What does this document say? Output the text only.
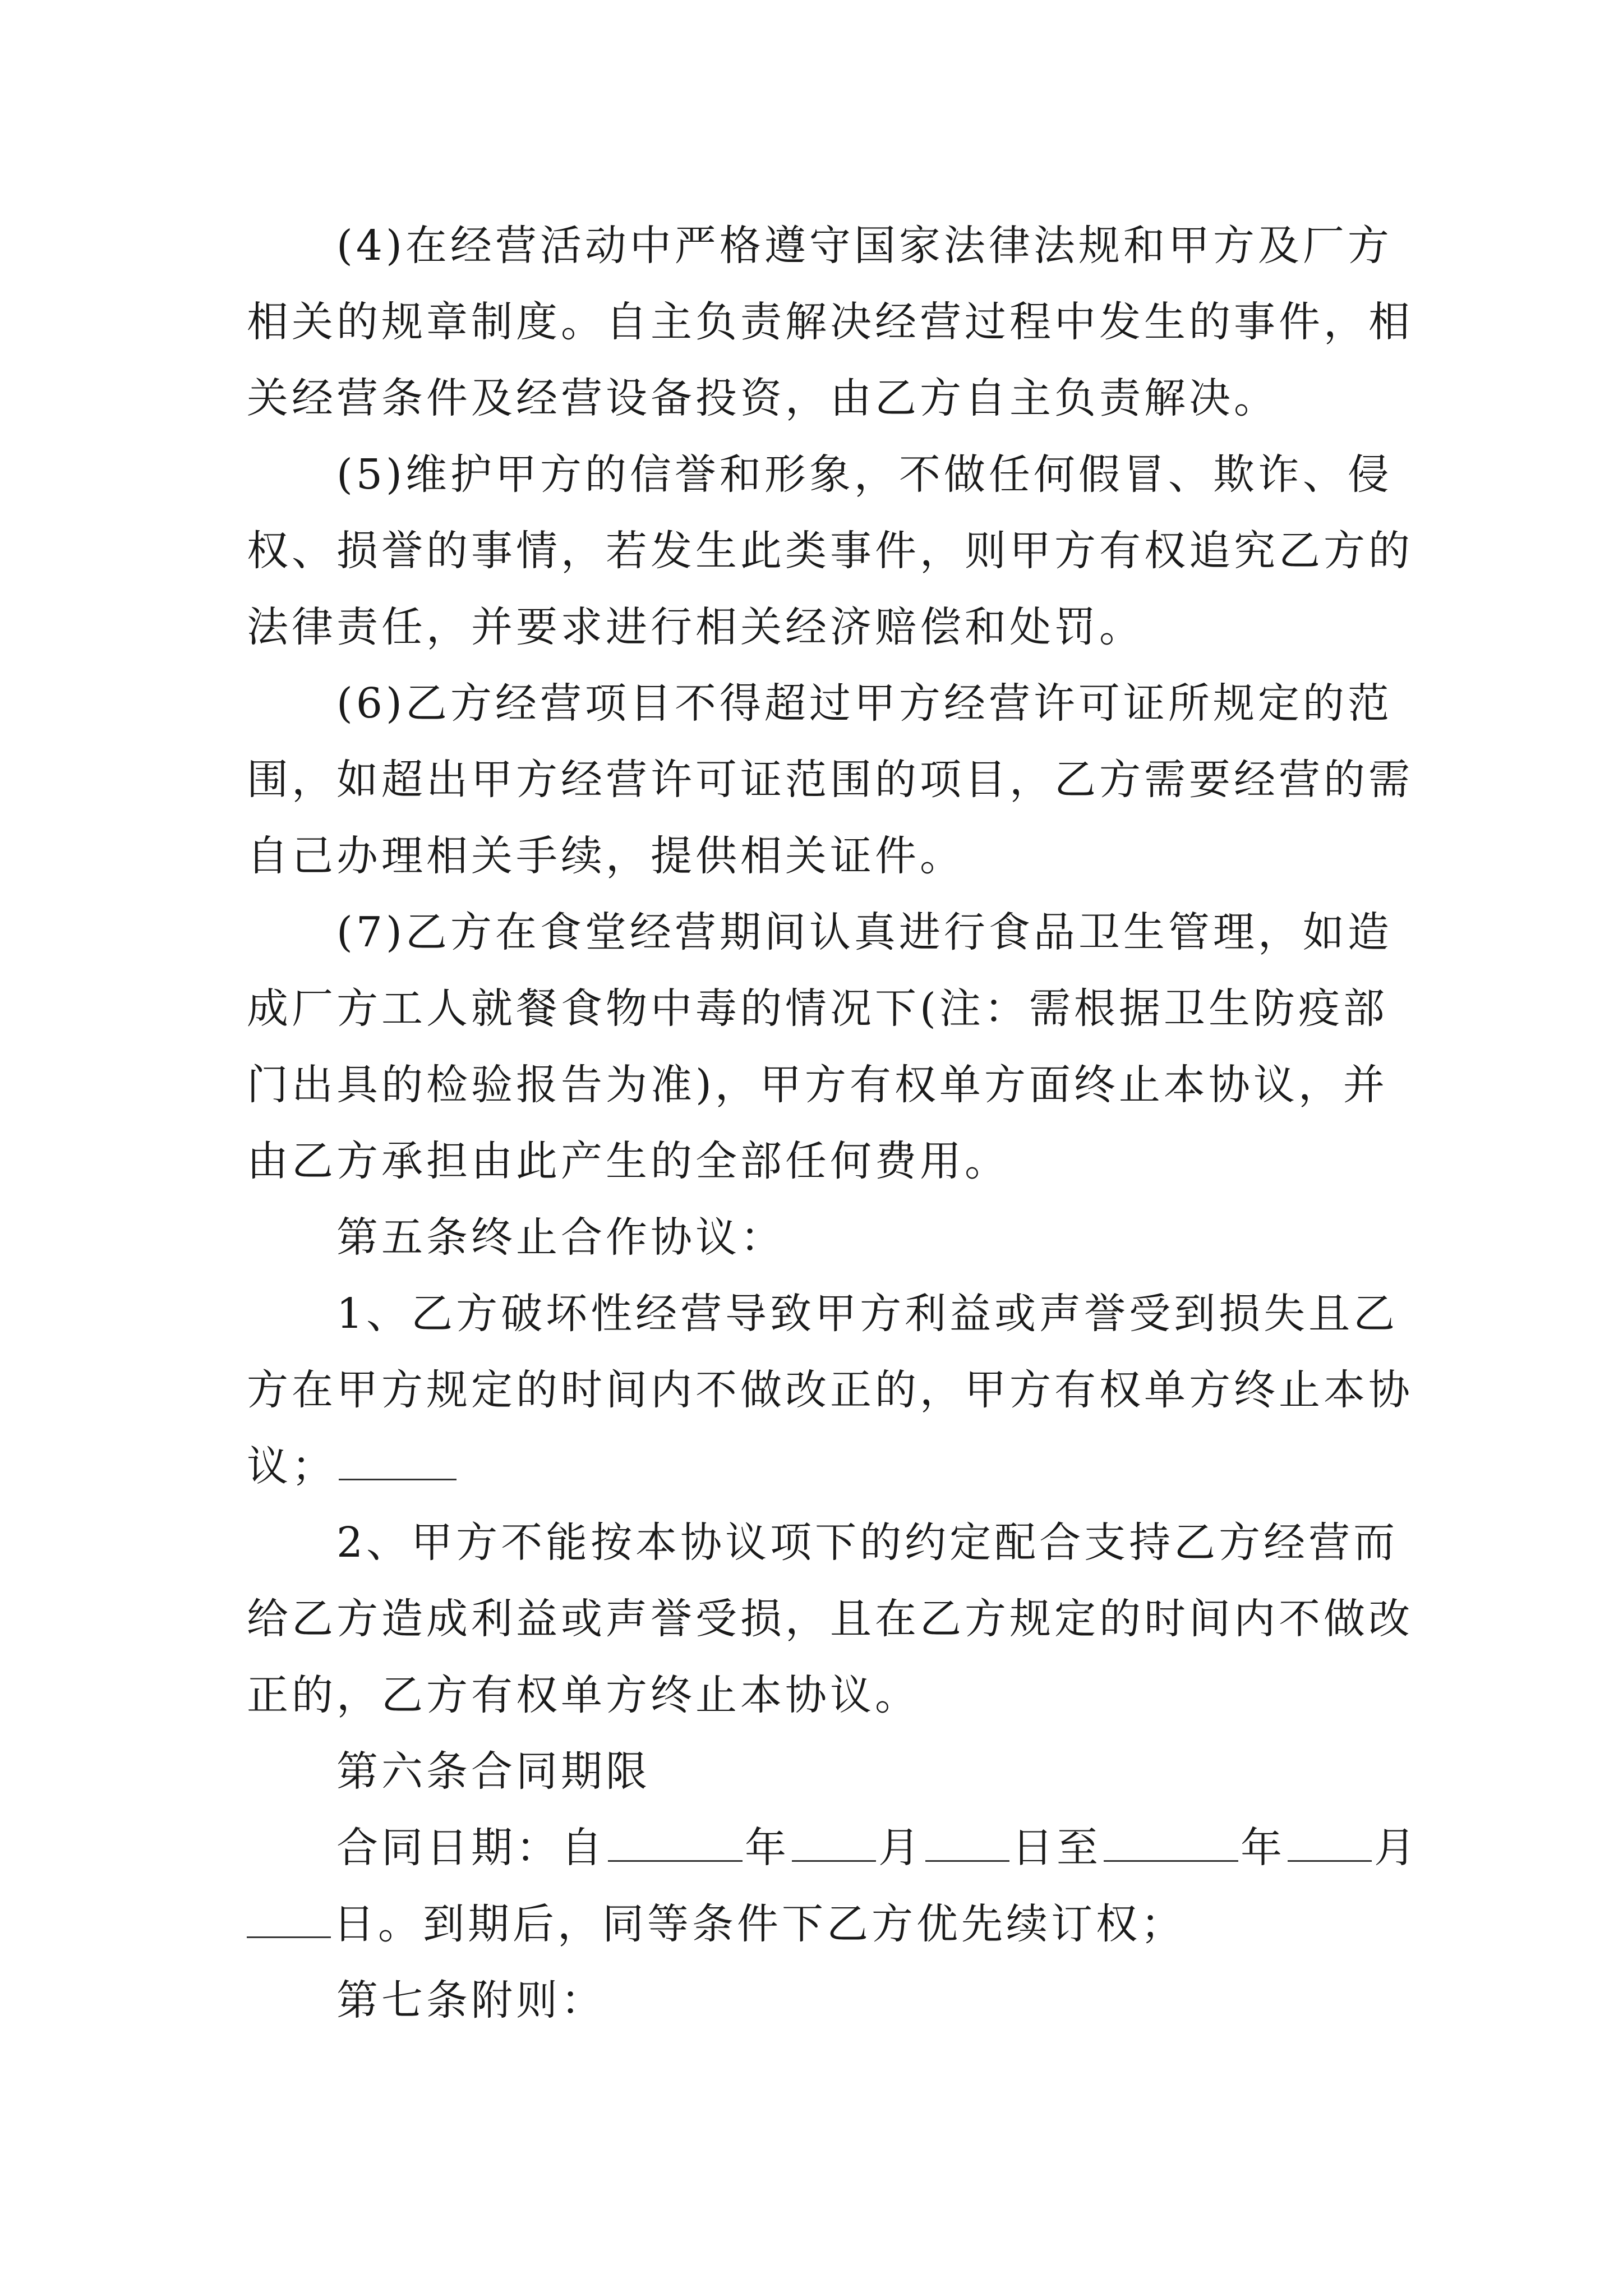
(4)在经营活动中严格遵守国家法律法规和甲方及厂方
相关的规章制度。自主负责解决经营过程中发生的事件，相
关经营条件及经营设备投资，由乙方自主负责解决。
(5)维护甲方的信誉和形象，不做任何假冒、欺诈、侵
权、损誉的事情，若发生此类事件，则甲方有权追究乙方的
法律责任，并要求进行相关经济赔偿和处罚。
(6)乙方经营项目不得超过甲方经营许可证所规定的范
围，如超出甲方经营许可证范围的项目，乙方需要经营的需
自己办理相关手续，提供相关证件。
(7)乙方在食堂经营期间认真进行食品卫生管理，如造
成厂方工人就餐食物中毒的情况下(注：需根据卫生防疫部
门出具的检验报告为准)，甲方有权单方面终止本协议，并
由乙方承担由此产生的全部任何费用。
第五条终止合作协议：
1、乙方破坏性经营导致甲方利益或声誉受到损失且乙
方在甲方规定的时间内不做改正的，甲方有权单方终止本协
议；
2、甲方不能按本协议项下的约定配合支持乙方经营而
给乙方造成利益或声誉受损，且在乙方规定的时间内不做改
正的，乙方有权单方终止本协议。
第六条合同期限
合同日期：自	年 月 日至	年 月
日。到期后，同等条件下乙方优先续订权；
第七条附则：
